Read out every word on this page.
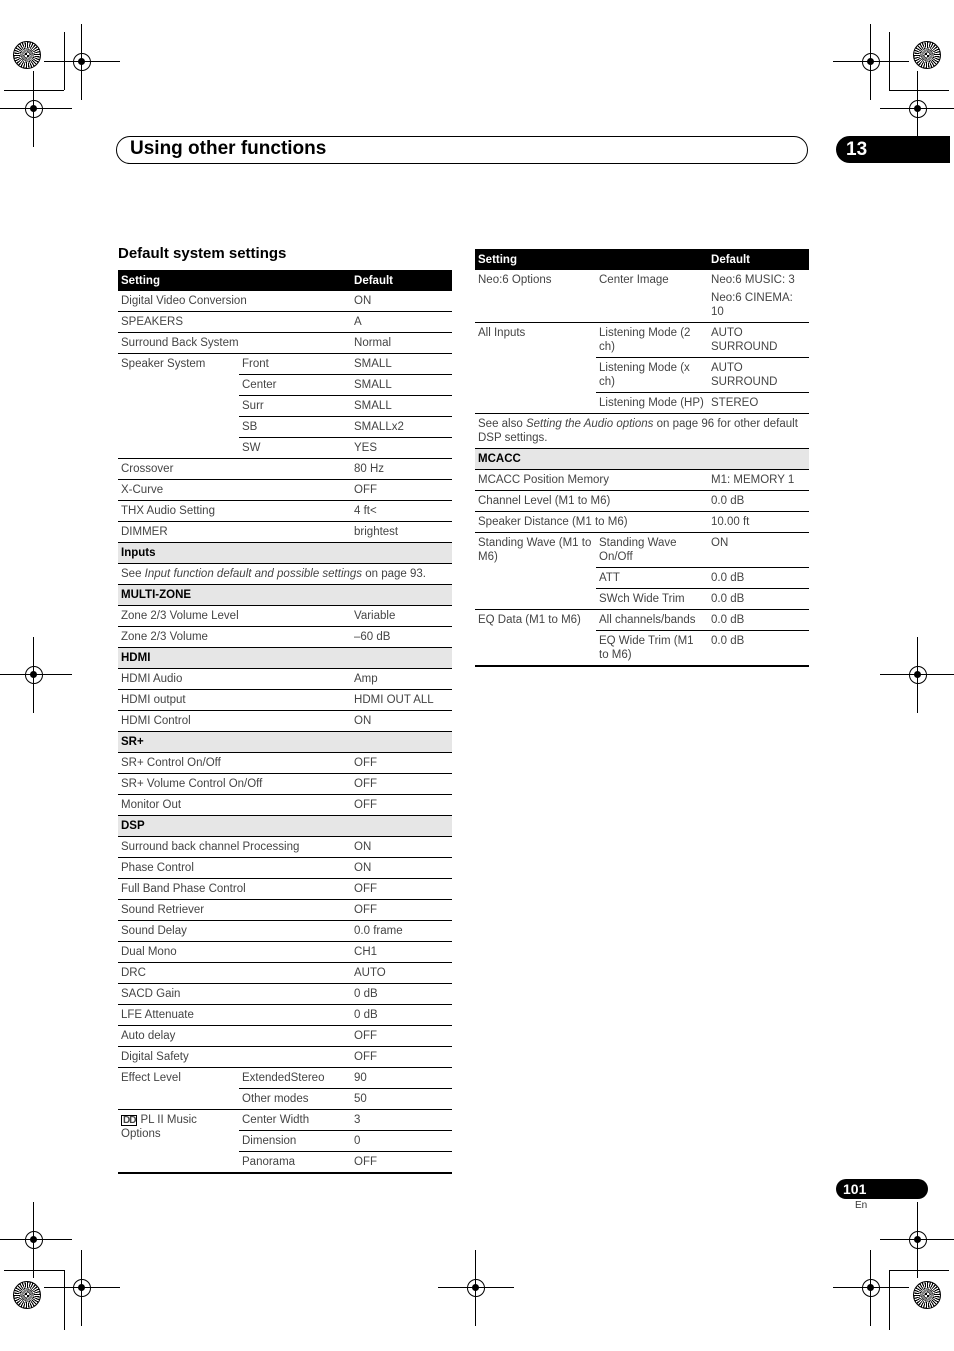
Using other functions	13
Default system settings
Setting		Default
Digital Video Conversion		ON
SPEAKERS		A
Surround Back System		Normal
Speaker System	Front	SMALL
	Center	SMALL
	Surr	SMALL
	SB	SMALLx2
	SW	YES
Crossover		80 Hz
X-Curve		OFF
THX Audio Setting		4 ft<
DIMMER		brightest
Inputs		
See Input function default and possible settings on page 93.		
MULTI-ZONE		
Zone 2/3 Volume Level		Variable
Zone 2/3 Volume		–60 dB
HDMI		
HDMI Audio		Amp
HDMI output		HDMI OUT ALL
HDMI Control		ON
SR+		
SR+ Control On/Off		OFF
SR+ Volume Control On/Off		OFF
Monitor Out		OFF
DSP		
Surround back channel Processing		ON
Phase Control		ON
Full Band Phase Control		OFF
Sound Retriever		OFF
Sound Delay		0.0 frame
Dual Mono		CH1
DRC		AUTO
SACD Gain		0 dB
LFE Attenuate		0 dB
Auto delay		OFF
Digital Safety		OFF
Effect Level	ExtendedStereo	90
	Other modes	50
DD PL II Music Options	Center Width	3
	Dimension	0
	Panorama	OFF
Setting		Default
Neo:6 Options	Center Image	Neo:6 MUSIC: 3
Neo:6 CINEMA: 10

All Inputs	Listening Mode (2 ch)	AUTO SURROUND
	Listening Mode (x ch)	AUTO SURROUND
	Listening Mode (HP)	STEREO
See also Setting the Audio options on page 96 for other default DSP settings.		
MCACC		
MCACC Position Memory		M1: MEMORY 1
Channel Level (M1 to M6)		0.0 dB
Speaker Distance (M1 to M6)		10.00 ft
Standing Wave (M1 to M6)	Standing Wave On/Off	ON
	ATT	0.0 dB
	SWch Wide Trim	0.0 dB
EQ Data (M1 to M6)	All channels/bands	0.0 dB
	EQ Wide Trim (M1 to M6)	0.0 dB
101
En
